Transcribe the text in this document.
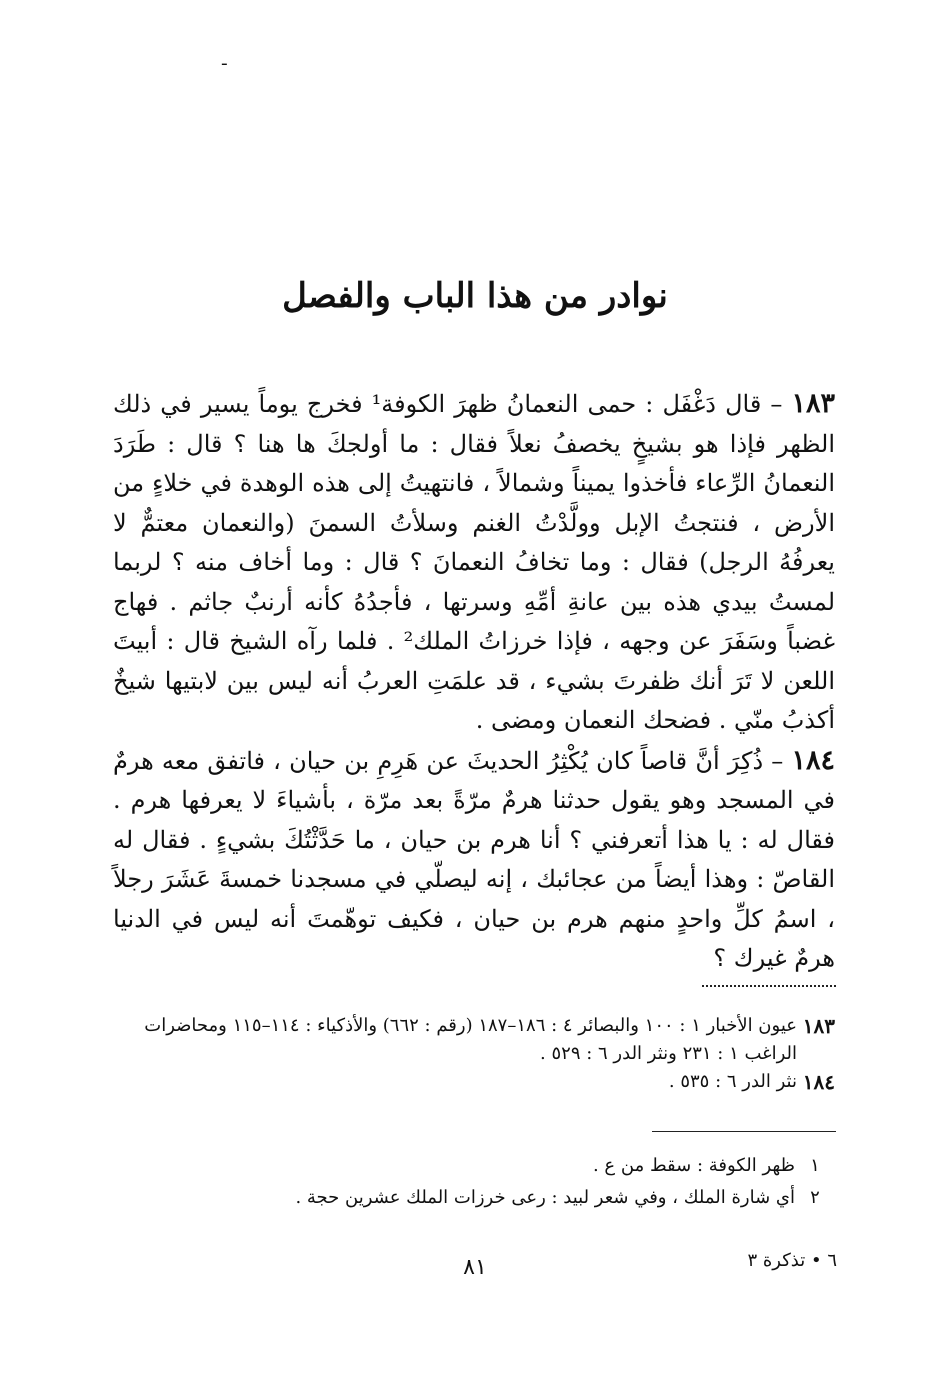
ـ
نوادر من هذا الباب والفصل

١٨٣ – قال دَغْفَل : حمى النعمانُ ظهرَ الكوفة¹ فخرج يوماً يسير في ذلك الظهر فإذا هو بشيخٍ يخصفُ نعلاً فقال : ما أولجكَ ها هنا ؟ قال : طَرَدَ النعمانُ الرِّعاء فأخذوا يميناً وشمالاً ، فانتهيتُ إلى هذه الوهدة في خلاءٍ من الأرض ، فنتجتُ الإبل وولَّدْتُ الغنم وسلأتُ السمنَ (والنعمان معتمٌّ لا يعرفُهُ الرجل) فقال : وما تخافُ النعمانَ ؟ قال : وما أخاف منه ؟ لربما لمستُ بيدي هذه بين عانةِ أمِّهِ وسرتها ، فأجدُهُ كأنه أرنبٌ جاثم . فهاج غضباً وسَفَرَ عن وجهه ، فإذا خرزاتُ الملك² . فلما رآه الشيخ قال : أبيتَ اللعن لا تَرَ أنك ظفرتَ بشيء ، قد علمَتِ العربُ أنه ليس بين لابتيها شيخٌ أكذبُ منّي . فضحك النعمان ومضى .

١٨٤ – ذُكِرَ أنَّ قاصاً كان يُكْثِرُ الحديثَ عن هَرِمِ بن حيان ، فاتفق معه هرمٌ في المسجد وهو يقول حدثنا هرمٌ مرّةً بعد مرّة ، بأشياءَ لا يعرفها هرم . فقال له : يا هذا أتعرفني ؟ أنا هرم بن حيان ، ما حَدَّثْتُكَ بشيءٍ . فقال له القاصّ : وهذا أيضاً من عجائبك ، إنه ليصلّي في مسجدنا خمسةَ عَشَرَ رجلاً ، اسمُ كلِّ واحدٍ منهم هرم بن حيان ، فكيف توهّمتَ أنه ليس في الدنيا هرمٌ غيرك ؟

١٨٣
عيون الأخبار ١ : ١٠٠ والبصائر ٤ : ١٨٦–١٨٧ (رقم : ٦٦٢) والأذكياء : ١١٤–١١٥ ومحاضرات الراغب ١ : ٢٣١ ونثر الدر ٦ : ٥٢٩ .
١٨٤
نثر الدر ٦ : ٥٣٥ .
١
ظهر الكوفة : سقط من ع .
٢
أي شارة الملك ، وفي شعر لبيد : رعى خرزات الملك عشرين حجة .
٦ • تذكرة ٣
٨١
